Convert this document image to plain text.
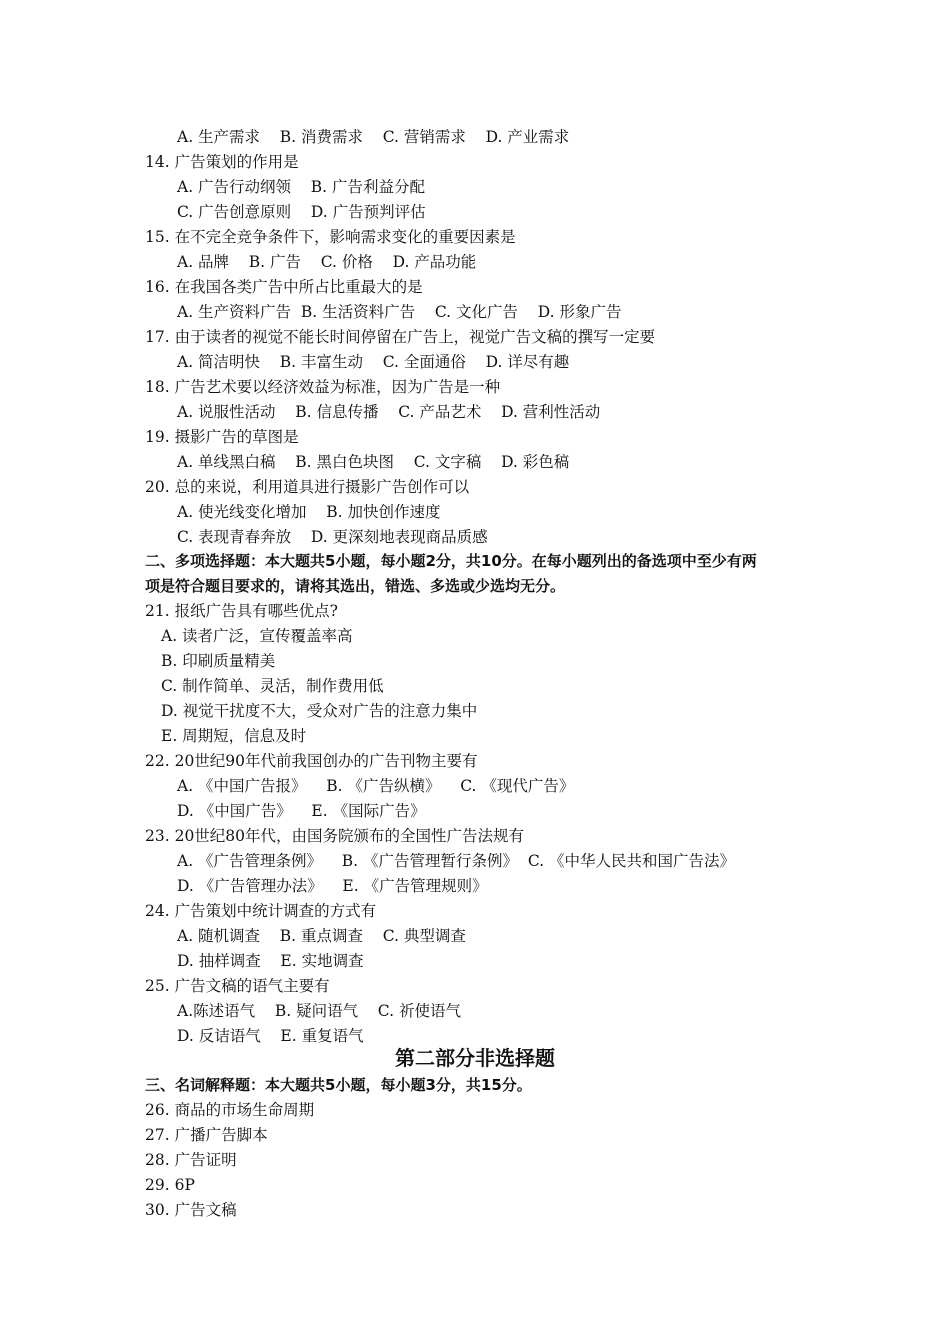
A. 生产需求    B. 消费需求    C. 营销需求    D. 产业需求
14. 广告策划的作用是
A. 广告行动纲领    B. 广告利益分配
C. 广告创意原则    D. 广告预判评估
15. 在不完全竞争条件下，影响需求变化的重要因素是
A. 品牌    B. 广告    C. 价格    D. 产品功能
16. 在我国各类广告中所占比重最大的是
A. 生产资料广告  B. 生活资料广告    C. 文化广告    D. 形象广告
17. 由于读者的视觉不能长时间停留在广告上，视觉广告文稿的撰写一定要
A. 简洁明快    B. 丰富生动    C. 全面通俗    D. 详尽有趣
18. 广告艺术要以经济效益为标准，因为广告是一种
A. 说服性活动    B. 信息传播    C. 产品艺术    D. 营利性活动
19. 摄影广告的草图是
A. 单线黑白稿    B. 黑白色块图    C. 文字稿    D. 彩色稿
20. 总的来说，利用道具进行摄影广告创作可以
A. 使光线变化增加    B. 加快创作速度
C. 表现青春奔放    D. 更深刻地表现商品质感
二、多项选择题：本大题共5小题，每小题2分，共10分。在每小题列出的备选项中至少有两
项是符合题目要求的，请将其选出，错选、多选或少选均无分。
21. 报纸广告具有哪些优点?
A. 读者广泛，宣传覆盖率高
B. 印刷质量精美
C. 制作简单、灵活，制作费用低
D. 视觉干扰度不大，受众对广告的注意力集中
E. 周期短，信息及时
22. 20世纪90年代前我国创办的广告刊物主要有
A. 《中国广告报》    B. 《广告纵横》    C. 《现代广告》
D. 《中国广告》    E. 《国际广告》
23. 20世纪80年代，由国务院颁布的全国性广告法规有
A. 《广告管理条例》    B. 《广告管理暂行条例》  C. 《中华人民共和国广告法》
D. 《广告管理办法》    E. 《广告管理规则》
24. 广告策划中统计调查的方式有
A. 随机调查    B. 重点调查    C. 典型调查
D. 抽样调查    E. 实地调查
25. 广告文稿的语气主要有
A.陈述语气    B. 疑问语气    C. 祈使语气
D. 反诘语气    E. 重复语气
第二部分非选择题
三、名词解释题：本大题共5小题，每小题3分，共15分。
26. 商品的市场生命周期
27. 广播广告脚本
28. 广告证明
29. 6P
30. 广告文稿
